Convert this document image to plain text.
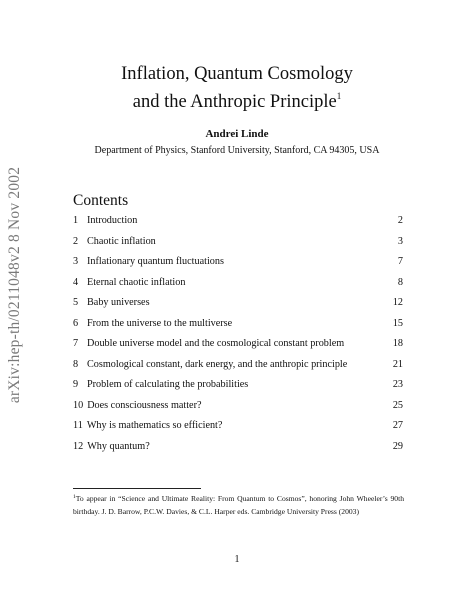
arXiv:hep-th/0211048v2 8 Nov 2002
Inflation, Quantum Cosmology
and the Anthropic Principle$^1$
Andrei Linde
Department of Physics, Stanford University, Stanford, CA 94305, USA
Contents
1 Introduction	2
2 Chaotic inflation	3
3 Inflationary quantum fluctuations	7
4 Eternal chaotic inflation	8
5 Baby universes	12
6 From the universe to the multiverse	15
7 Double universe model and the cosmological constant problem	18
8 Cosmological constant, dark energy, and the anthropic principle	21
9 Problem of calculating the probabilities	23
10 Does consciousness matter?	25
11 Why is mathematics so efficient?	27
12 Why quantum?	29
$^1$To appear in “Science and Ultimate Reality: From Quantum to Cosmos”, honoring John Wheeler’s 90th birthday. J. D. Barrow, P.C.W. Davies, & C.L. Harper eds. Cambridge University Press (2003)
1
